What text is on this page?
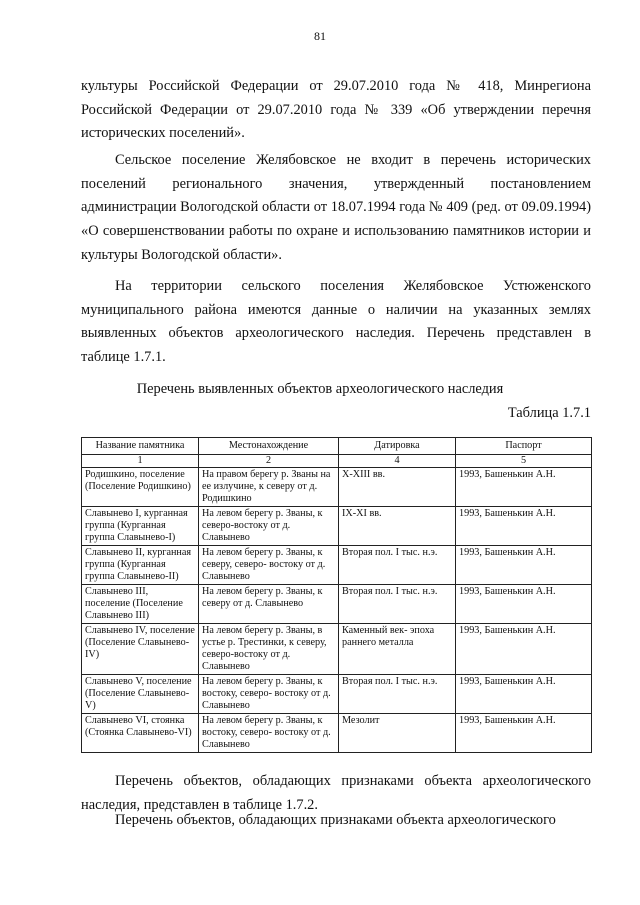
81

культуры Российской Федерации от 29.07.2010 года № 418, Минрегиона Российской Федерации от 29.07.2010 года № 339 «Об утверждении перечня исторических поселений».

Сельское поселение Желябовское не входит в перечень исторических поселений регионального значения, утвержденный постановлением администрации Вологодской области от 18.07.1994 года № 409 (ред. от 09.09.1994) «О совершенствовании работы по охране и использованию памятников истории и культуры Вологодской области».

На территории сельского поселения Желябовское Устюженского муниципального района имеются данные о наличии на указанных землях выявленных объектов археологического наследия. Перечень представлен в таблице 1.7.1.

Перечень выявленных объектов археологического наследия
Таблица 1.7.1
Название памятника	Местонахождение	Датировка	Паспорт
1	2	4	5
Родишкино, поселение (Поселение Родишкино)	На правом берегу р. Званы на ее излучине, к северу от д. Родишкино	X-XIII вв.	1993, Башенькин А.Н.
Славынево I, курганная группа (Курганная группа Славынево-I)	На левом берегу р. Званы, к северо-востоку от д. Славынево	IX-XI вв.	1993, Башенькин А.Н.
Славынево II, курганная группа (Курганная группа Славынево-II)	На левом берегу р. Званы, к северу, северо- востоку от д. Славынево	Вторая пол. I тыс. н.э.	1993, Башенькин А.Н.
Славынево III, поселение (Поселение Славынево III)	На левом берегу р. Званы, к северу от д. Славынево	Вторая пол. I тыс. н.э.	1993, Башенькин А.Н.
Славынево IV, поселение (Поселение Славынево-IV)	На левом берегу р. Званы, в устье р. Трестинки, к северу, северо-востоку от д. Славынево	Каменный век- эпоха раннего металла	1993, Башенькин А.Н.
Славынево V, поселение (Поселение Славынево-V)	На левом берегу р. Званы, к востоку, северо- востоку от д. Славынево	Вторая пол. I тыс. н.э.	1993, Башенькин А.Н.
Славынево VI, стоянка (Стоянка Славынево-VI)	На левом берегу р. Званы, к востоку, северо- востоку от д. Славынево	Мезолит	1993, Башенькин А.Н.

Перечень объектов, обладающих признаками объекта археологического наследия, представлен в таблице 1.7.2.

Перечень объектов, обладающих признаками объекта археологического
